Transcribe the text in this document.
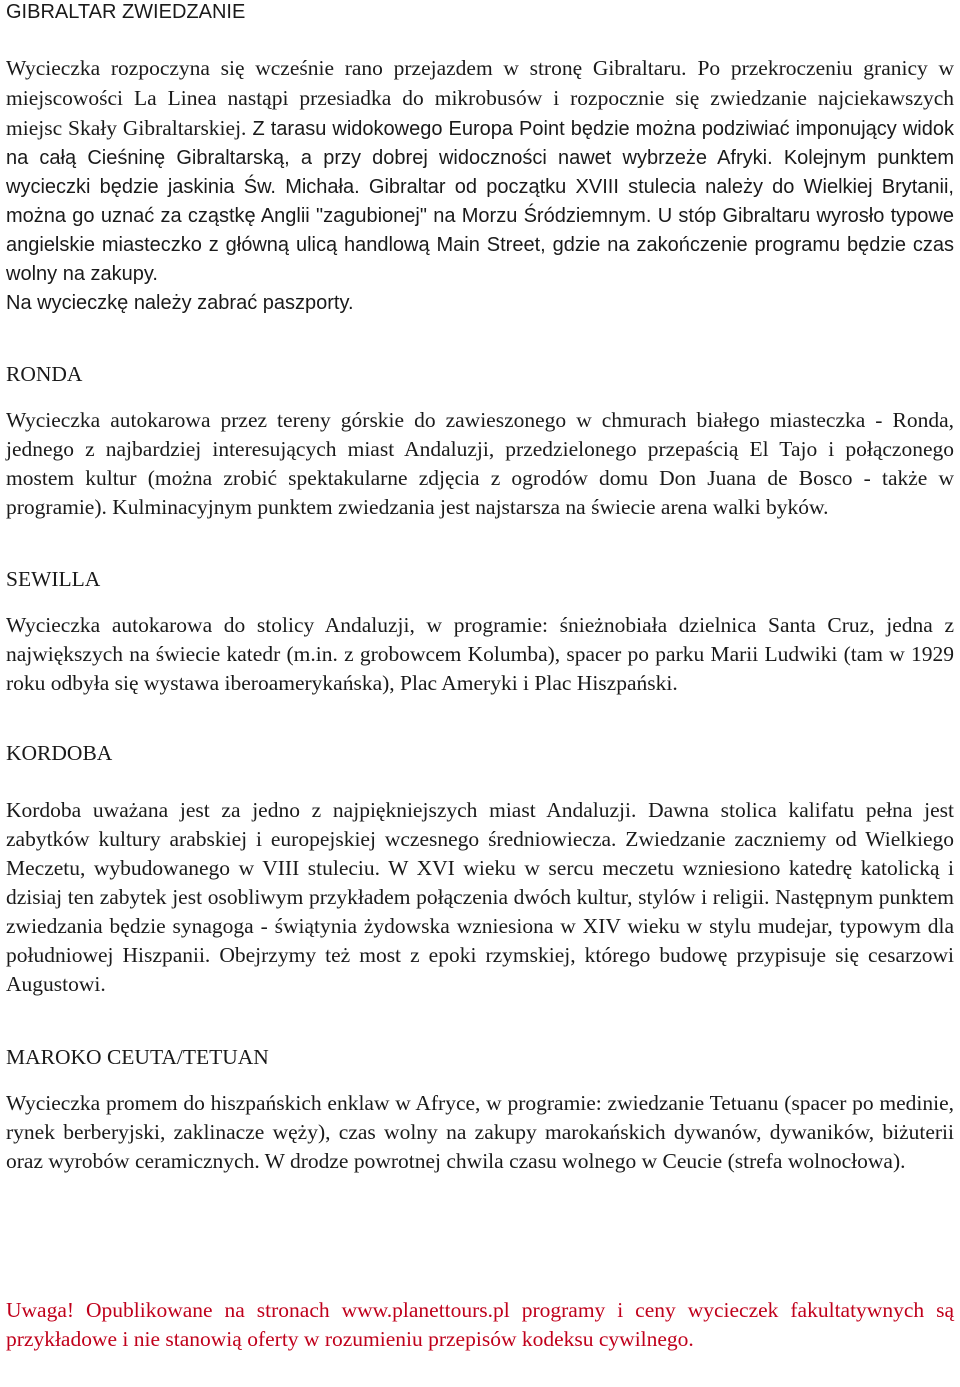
GIBRALTAR ZWIEDZANIE

Wycieczka rozpoczyna się wcześnie rano przejazdem w stronę Gibraltaru. Po przekroczeniu granicy w miejscowości La Linea nastąpi przesiadka do mikrobusów i rozpocznie się zwiedzanie najciekawszych miejsc Skały Gibraltarskiej. Z tarasu widokowego Europa Point będzie można podziwiać imponujący widok na całą Cieśninę Gibraltarską, a przy dobrej widoczności nawet wybrzeże Afryki. Kolejnym punktem wycieczki będzie jaskinia Św. Michała. Gibraltar od początku XVIII stulecia należy do Wielkiej Brytanii, można go uznać za cząstkę Anglii "zagubionej" na Morzu Śródziemnym. U stóp Gibraltaru wyrosło typowe angielskie miasteczko z główną ulicą handlową Main Street, gdzie na zakończenie programu będzie czas wolny na zakupy.
Na wycieczkę należy zabrać paszporty.

RONDA

Wycieczka autokarowa przez tereny górskie do zawieszonego w chmurach białego miasteczka - Ronda, jednego z najbardziej interesujących miast Andaluzji, przedzielonego przepaścią El Tajo i połączonego mostem kultur (można zrobić spektakularne zdjęcia z ogrodów domu Don Juana de Bosco - także w programie). Kulminacyjnym punktem zwiedzania jest najstarsza na świecie arena walki byków.

SEWILLA

Wycieczka autokarowa do stolicy Andaluzji, w programie: śnieżnobiała dzielnica Santa Cruz, jedna z największych na świecie katedr (m.in. z grobowcem Kolumba), spacer po parku Marii Ludwiki (tam w 1929 roku odbyła się wystawa iberoamerykańska), Plac Ameryki i Plac Hiszpański.

KORDOBA

Kordoba uważana jest za jedno z najpiękniejszych miast Andaluzji. Dawna stolica kalifatu pełna jest zabytków kultury arabskiej i europejskiej wczesnego średniowiecza. Zwiedzanie zaczniemy od Wielkiego Meczetu, wybudowanego w VIII stuleciu. W XVI wieku w sercu meczetu wzniesiono katedrę katolicką i dzisiaj ten zabytek jest osobliwym przykładem połączenia dwóch kultur, stylów i religii. Następnym punktem zwiedzania będzie synagoga - świątynia żydowska wzniesiona w XIV wieku w stylu mudejar, typowym dla południowej Hiszpanii. Obejrzymy też most z epoki rzymskiej, którego budowę przypisuje się cesarzowi Augustowi.

MAROKO CEUTA/TETUAN

Wycieczka promem do hiszpańskich enklaw w Afryce, w programie: zwiedzanie Tetuanu (spacer po medinie, rynek berberyjski, zaklinacze węży), czas wolny na zakupy marokańskich dywanów, dywaników, biżuterii oraz wyrobów ceramicznych. W drodze powrotnej chwila czasu wolnego w Ceucie (strefa wolnocłowa).

Uwaga! Opublikowane na stronach www.planettours.pl programy i ceny wycieczek fakultatywnych są przykładowe i nie stanowią oferty w rozumieniu przepisów kodeksu cywilnego.
